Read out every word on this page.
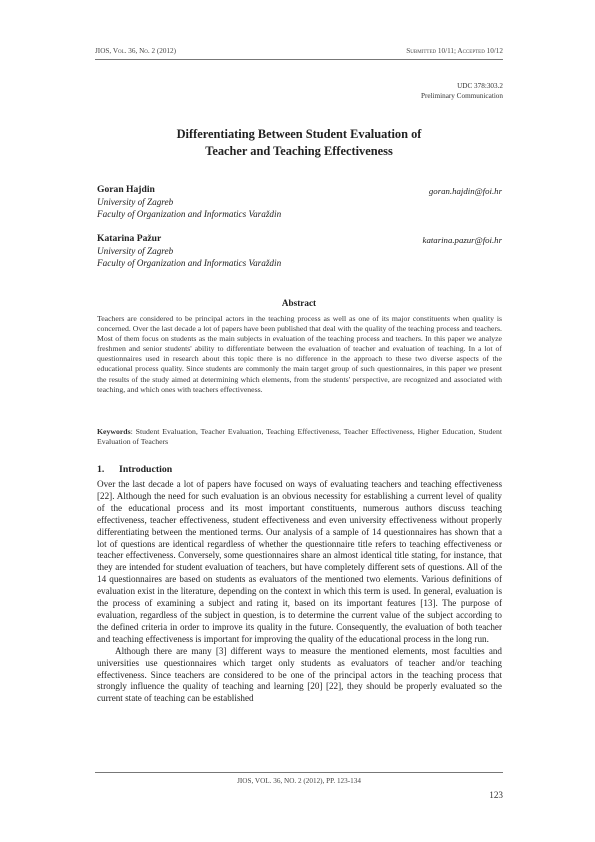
JIOS, Vol. 36, No. 2 (2012)	Submitted 10/11; Accepted 10/12
UDC 378:303.2
Preliminary Communication
Differentiating Between Student Evaluation of
Teacher and Teaching Effectiveness
Goran Hajdin	goran.hajdin@foi.hr
University of Zagreb
Faculty of Organization and Informatics Varaždin
Katarina Pažur	katarina.pazur@foi.hr
University of Zagreb
Faculty of Organization and Informatics Varaždin
Abstract
Teachers are considered to be principal actors in the teaching process as well as one of its major constituents when quality is concerned. Over the last decade a lot of papers have been published that deal with the quality of the teaching process and teachers. Most of them focus on students as the main subjects in evaluation of the teaching process and teachers. In this paper we analyze freshmen and senior students' ability to differentiate between the evaluation of teacher and evaluation of teaching. In a lot of questionnaires used in research about this topic there is no difference in the approach to these two diverse aspects of the educational process quality. Since students are commonly the main target group of such questionnaires, in this paper we present the results of the study aimed at determining which elements, from the students' perspective, are recognized and associated with teaching, and which ones with teachers effectiveness.
Keywords: Student Evaluation, Teacher Evaluation, Teaching Effectiveness, Teacher Effectiveness, Higher Education, Student Evaluation of Teachers
1. Introduction

Over the last decade a lot of papers have focused on ways of evaluating teachers and teaching effectiveness [22]. Although the need for such evaluation is an obvious necessity for establishing a current level of quality of the educational process and its most important constituents, numerous authors discuss teaching effectiveness, teacher effectiveness, student effectiveness and even university effectiveness without properly differentiating between the mentioned terms. Our analysis of a sample of 14 questionnaires has shown that a lot of questions are identical regardless of whether the questionnaire title refers to teaching effectiveness or teacher effectiveness. Conversely, some questionnaires share an almost identical title stating, for instance, that they are intended for student evaluation of teachers, but have completely different sets of questions. All of the 14 questionnaires are based on students as evaluators of the mentioned two elements. Various definitions of evaluation exist in the literature, depending on the context in which this term is used. In general, evaluation is the process of examining a subject and rating it, based on its important features [13]. The purpose of evaluation, regardless of the subject in question, is to determine the current value of the subject according to the defined criteria in order to improve its quality in the future. Consequently, the evaluation of both teacher and teaching effectiveness is important for improving the quality of the educational process in the long run.

Although there are many [3] different ways to measure the mentioned elements, most faculties and universities use questionnaires which target only students as evaluators of teacher and/or teaching effectiveness. Since teachers are considered to be one of the principal actors in the teaching process that strongly influence the quality of teaching and learning [20] [22], they should be properly evaluated so the current state of teaching can be established

JIOS, VOL. 36, NO. 2 (2012), PP. 123-134
123
